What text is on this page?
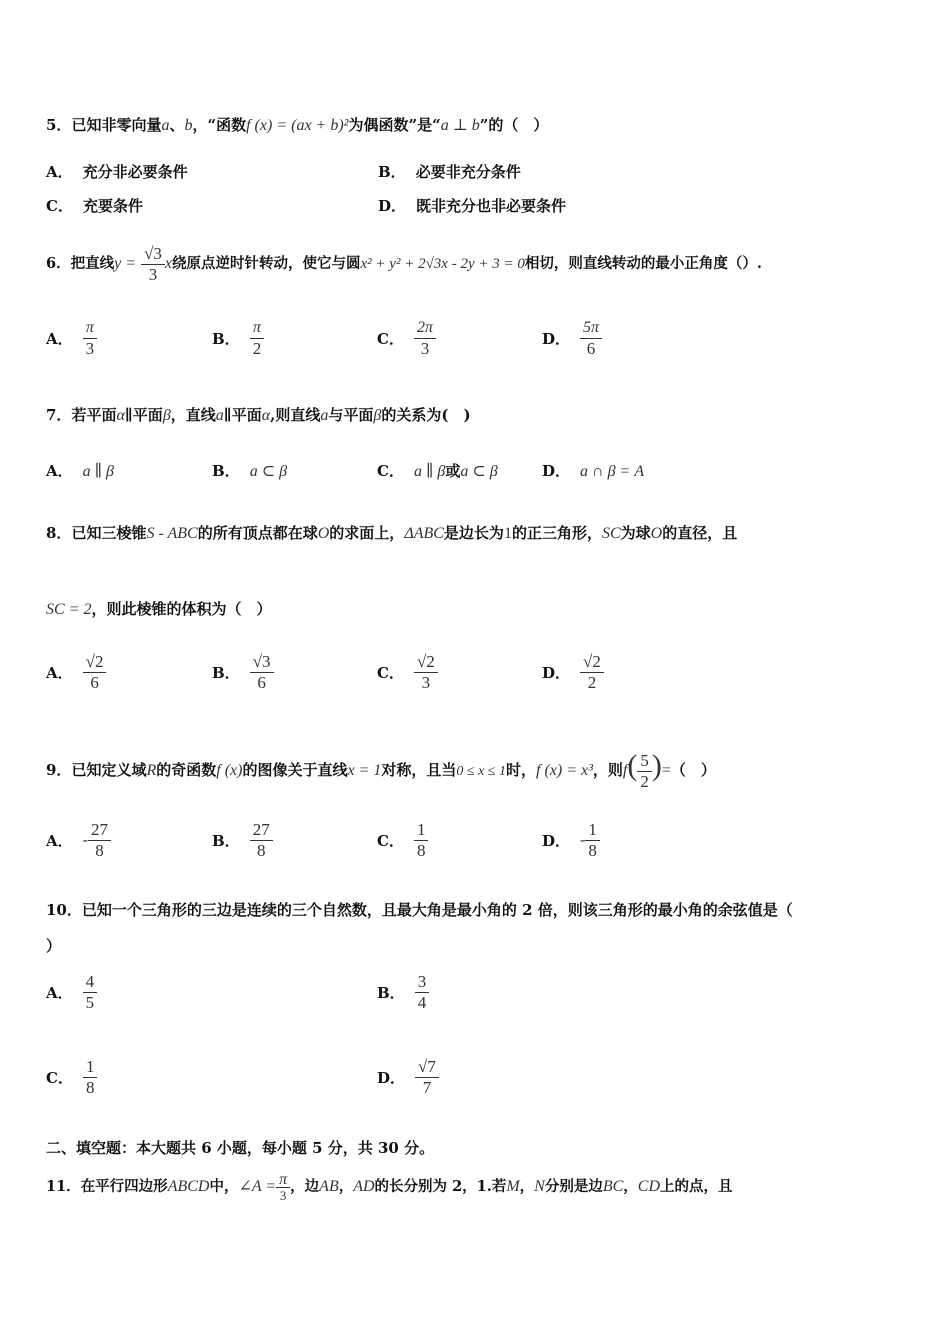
5．已知非零向量a、b，“函数f (x) = (ax + b)²为偶函数”是“a ⊥ b”的（　）
A． 充分非必要条件	B． 必要非充分条件
C． 充要条件	D． 既非充分也非必要条件
6．把直线$y = \frac{√3}{3}$ x绕原点逆时针转动，使它与圆x² + y² + 2√3x - 2y + 3 = 0相切，则直线转动的最小正角度（）.
A． $\frac{\pi}{3}$	B． $\frac{\pi}{2}$	C． $\frac{2\pi}{3}$	D． $\frac{5\pi}{6}$
7．若平面α∥平面β，直线a∥平面α,则直线a与平面β的关系为(　)
A． a ∥ β	B． a ⊂ β	C． a ∥ β或a ⊂ β	D． a ∩ β = A
8．已知三棱锥S - ABC的所有顶点都在球O的求面上，ΔABC是边长为1的正三角形，SC为球O的直径，且
SC = 2，则此棱锥的体积为（　）
A． $\frac{√2}{6}$	B． $\frac{√3}{6}$	C． $\frac{√2}{3}$	D． $\frac{√2}{2}$
9．已知定义域R的奇函数f (x)的图像关于直线x = 1对称，且当0 ≤ x ≤ 1时，f (x) = x³，则$f( \frac{5}{2}$ )=（　）
A． - $\frac{27}{8}$	B． $\frac{27}{8}$	C． $\frac{1}{8}$	D． - $\frac{1}{8}$
10．已知一个三角形的三边是连续的三个自然数，且最大角是最小角的 2 倍，则该三角形的最小角的余弦值是（
）
A． $\frac{4}{5}$	B． $\frac{3}{4}$
C． $\frac{1}{8}$	D． $\frac{√7}{7}$
二、填空题：本大题共 6 小题，每小题 5 分，共 30 分。
11．在平行四边形ABCD中，∠A = $\frac{\pi}{3}$ ，边AB，AD的长分别为 2，1.若M，N分别是边BC，CD上的点，且
